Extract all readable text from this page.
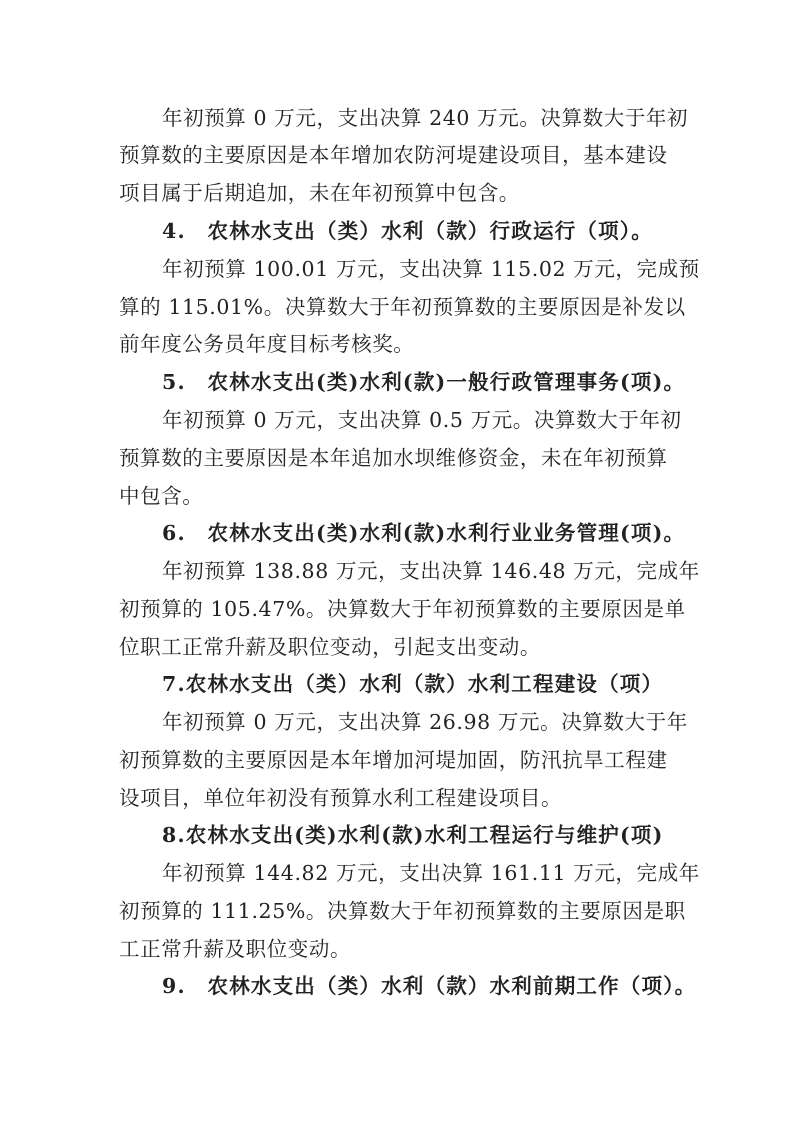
年初预算 0 万元，支出决算 240 万元。决算数大于年初
预算数的主要原因是本年增加农防河堤建设项目，基本建设
项目属于后期追加，未在年初预算中包含。
4.　农林水支出（类）水利（款）行政运行（项）。
年初预算 100.01 万元，支出决算 115.02 万元，完成预
算的 115.01%。决算数大于年初预算数的主要原因是补发以
前年度公务员年度目标考核奖。
5.　农林水支出(类)水利(款)一般行政管理事务(项)。
年初预算 0 万元，支出决算 0.5 万元。决算数大于年初
预算数的主要原因是本年追加水坝维修资金，未在年初预算
中包含。
6.　农林水支出(类)水利(款)水利行业业务管理(项)。
年初预算 138.88 万元，支出决算 146.48 万元，完成年
初预算的 105.47%。决算数大于年初预算数的主要原因是单
位职工正常升薪及职位变动，引起支出变动。
7.农林水支出（类）水利（款）水利工程建设（项）
年初预算 0 万元，支出决算 26.98 万元。决算数大于年
初预算数的主要原因是本年增加河堤加固，防汛抗旱工程建
设项目，单位年初没有预算水利工程建设项目。
8.农林水支出(类)水利(款)水利工程运行与维护(项)
年初预算 144.82 万元，支出决算 161.11 万元，完成年
初预算的 111.25%。决算数大于年初预算数的主要原因是职
工正常升薪及职位变动。
9.　农林水支出（类）水利（款）水利前期工作（项）。
